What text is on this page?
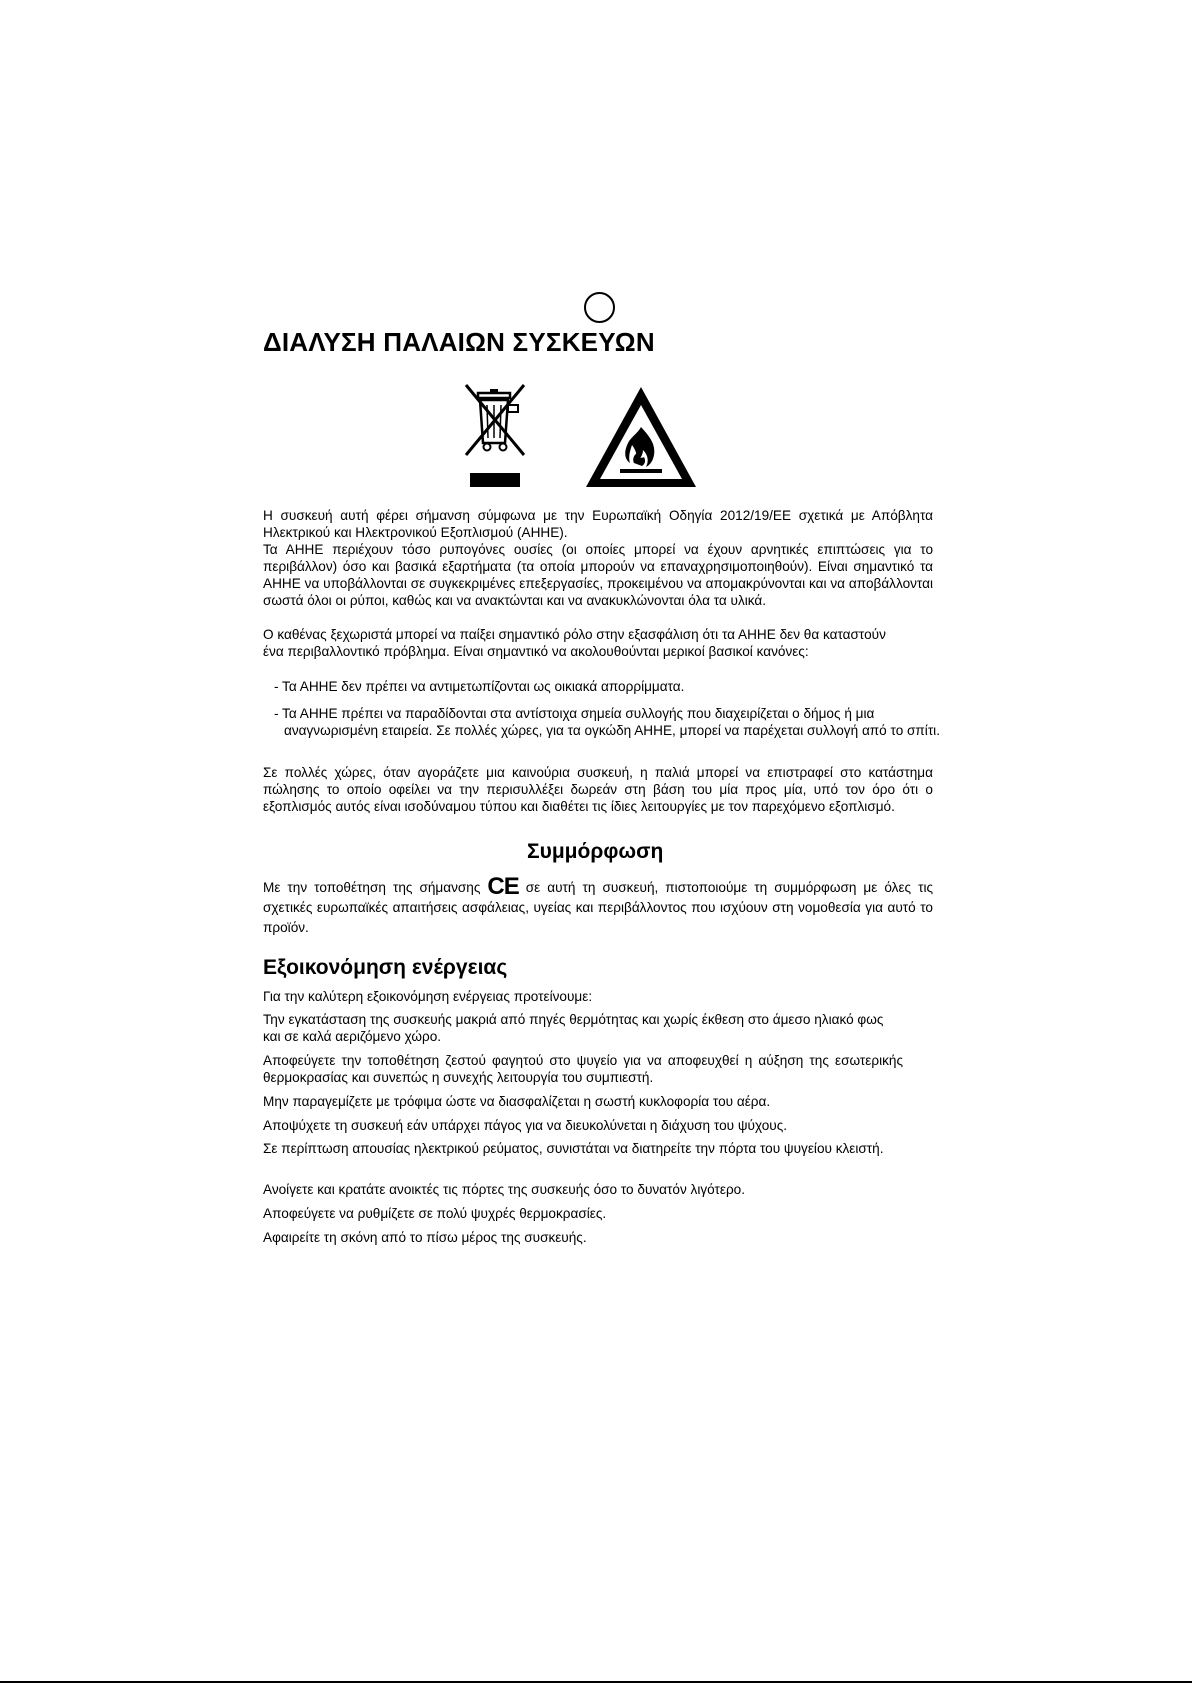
ΔΙΑΛΥΣΗ ΠΑΛΑΙΩΝ ΣΥΣΚΕΥΩΝ

Η συσκευή αυτή φέρει σήμανση σύμφωνα με την Ευρωπαϊκή Οδηγία 2012/19/ΕΕ σχετικά με Απόβλητα Ηλεκτρικού και Ηλεκτρονικού Εξοπλισμού (ΑΗΗΕ).

Τα ΑΗΗΕ περιέχουν τόσο ρυπογόνες ουσίες (οι οποίες μπορεί να έχουν αρνητικές επιπτώσεις για το περιβάλλον) όσο και βασικά εξαρτήματα (τα οποία μπορούν να επαναχρησιμοποιηθούν). Είναι σημαντικό τα ΑΗΗΕ να υποβάλλονται σε συγκεκριμένες επεξεργασίες, προκειμένου να απομακρύνονται και να αποβάλλονται σωστά όλοι οι ρύποι, καθώς και να ανακτώνται και να ανακυκλώνονται όλα τα υλικά.

Ο καθένας ξεχωριστά μπορεί να παίξει σημαντικό ρόλο στην εξασφάλιση ότι τα ΑΗΗΕ δεν θα καταστούν ένα περιβαλλοντικό πρόβλημα. Είναι σημαντικό να ακολουθούνται μερικοί βασικοί κανόνες:

- Τα ΑΗΗΕ δεν πρέπει να αντιμετωπίζονται ως οικιακά απορρίμματα.

- Τα ΑΗΗΕ πρέπει να παραδίδονται στα αντίστοιχα σημεία συλλογής που διαχειρίζεται ο δήμος ή μια αναγνωρισμένη εταιρεία. Σε πολλές χώρες, για τα ογκώδη ΑΗΗΕ, μπορεί να παρέχεται συλλογή από το σπίτι.

Σε πολλές χώρες, όταν αγοράζετε μια καινούρια συσκευή, η παλιά μπορεί να επιστραφεί στο κατάστημα πώλησης το οποίο οφείλει να την περισυλλέξει δωρεάν στη βάση του μία προς μία, υπό τον όρο ότι ο εξοπλισμός αυτός είναι ισοδύναμου τύπου και διαθέτει τις ίδιες λειτουργίες με τον παρεχόμενο εξοπλισμό.

Συμμόρφωση

Με την τοποθέτηση της σήμανσης CE σε αυτή τη συσκευή, πιστοποιούμε τη συμμόρφωση με όλες τις σχετικές ευρωπαϊκές απαιτήσεις ασφάλειας, υγείας και περιβάλλοντος που ισχύουν στη νομοθεσία για αυτό το προϊόν.

Εξοικονόμηση ενέργειας

Για την καλύτερη εξοικονόμηση ενέργειας προτείνουμε:

Την εγκατάσταση της συσκευής μακριά από πηγές θερμότητας και χωρίς έκθεση στο άμεσο ηλιακό φως και σε καλά αεριζόμενο χώρο.

Αποφεύγετε την τοποθέτηση ζεστού φαγητού στο ψυγείο για να αποφευχθεί η αύξηση της εσωτερικής θερμοκρασίας και συνεπώς η συνεχής λειτουργία του συμπιεστή.

Μην παραγεμίζετε με τρόφιμα ώστε να διασφαλίζεται η σωστή κυκλοφορία του αέρα.

Αποψύχετε τη συσκευή εάν υπάρχει πάγος για να διευκολύνεται η διάχυση του ψύχους.

Σε περίπτωση απουσίας ηλεκτρικού ρεύματος, συνιστάται να διατηρείτε την πόρτα του ψυγείου κλειστή.

Ανοίγετε και κρατάτε ανοικτές τις πόρτες της συσκευής όσο το δυνατόν λιγότερο.

Αποφεύγετε να ρυθμίζετε σε πολύ ψυχρές θερμοκρασίες.

Αφαιρείτε τη σκόνη από το πίσω μέρος της συσκευής.
